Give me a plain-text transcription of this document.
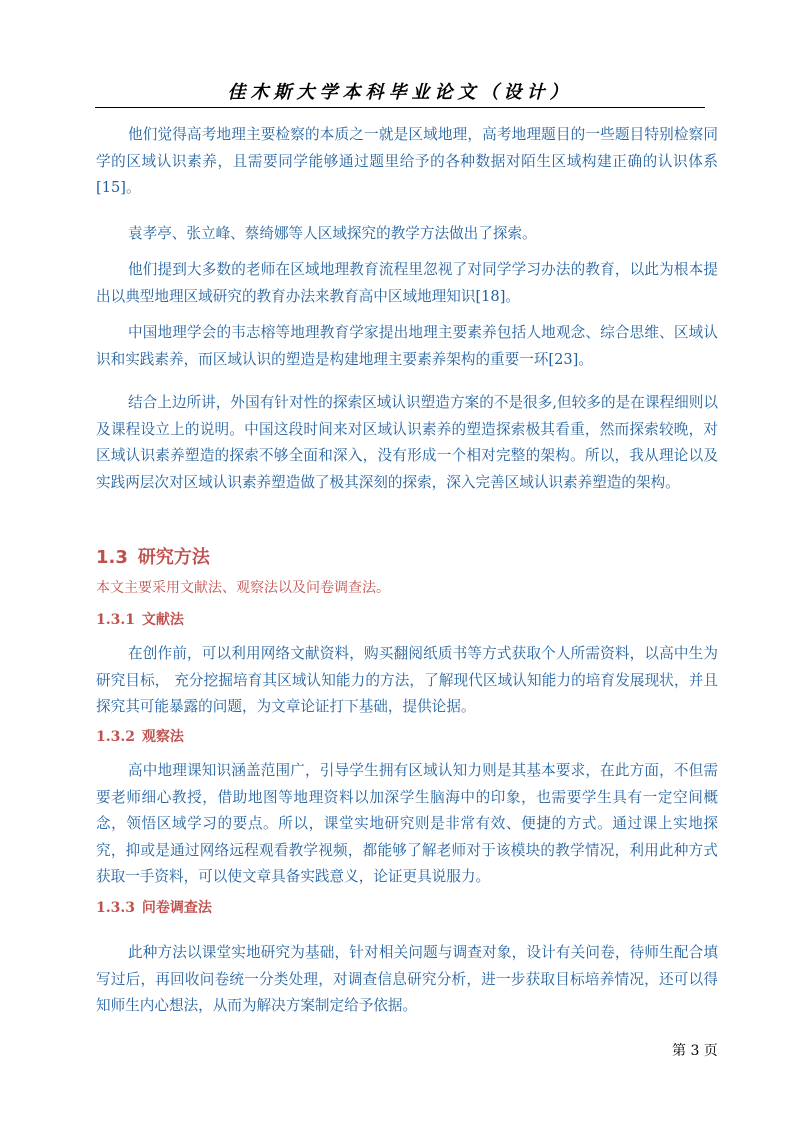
佳木斯大学本科毕业论文（设计）

他们觉得高考地理主要检察的本质之一就是区域地理，高考地理题目的一些题目特别检察同学的区域认识素养，且需要同学能够通过题里给予的各种数据对陌生区域构建正确的认识体系[15]。

袁孝亭、张立峰、蔡绮娜等人区域探究的教学方法做出了探索。

他们提到大多数的老师在区域地理教育流程里忽视了对同学学习办法的教育，以此为根本提出以典型地理区域研究的教育办法来教育高中区域地理知识[18]。

中国地理学会的韦志榕等地理教育学家提出地理主要素养包括人地观念、综合思维、区域认识和实践素养，而区域认识的塑造是构建地理主要素养架构的重要一环[23]。

结合上边所讲，外国有针对性的探索区域认识塑造方案的不是很多,但较多的是在课程细则以及课程设立上的说明。中国这段时间来对区域认识素养的塑造探索极其看重，然而探索较晚，对区域认识素养塑造的探索不够全面和深入，没有形成一个相对完整的架构。所以，我从理论以及实践两层次对区域认识素养塑造做了极其深刻的探索，深入完善区域认识素养塑造的架构。

1.3 研究方法

本文主要采用文献法、观察法以及问卷调查法。

1.3.1 文献法

在创作前，可以利用网络文献资料，购买翻阅纸质书等方式获取个人所需资料，以高中生为研究目标， 充分挖掘培育其区域认知能力的方法，了解现代区域认知能力的培育发展现状，并且探究其可能暴露的问题，为文章论证打下基础，提供论据。

1.3.2 观察法

高中地理课知识涵盖范围广，引导学生拥有区域认知力则是其基本要求，在此方面，不但需要老师细心教授，借助地图等地理资料以加深学生脑海中的印象，也需要学生具有一定空间概念，领悟区域学习的要点。所以，课堂实地研究则是非常有效、便捷的方式。通过课上实地探究，抑或是通过网络远程观看教学视频，都能够了解老师对于该模块的教学情况，利用此种方式获取一手资料，可以使文章具备实践意义，论证更具说服力。

1.3.3 问卷调查法

此种方法以课堂实地研究为基础，针对相关问题与调查对象，设计有关问卷，待师生配合填写过后，再回收问卷统一分类处理，对调查信息研究分析，进一步获取目标培养情况，还可以得知师生内心想法，从而为解决方案制定给予依据。

第 3 页
